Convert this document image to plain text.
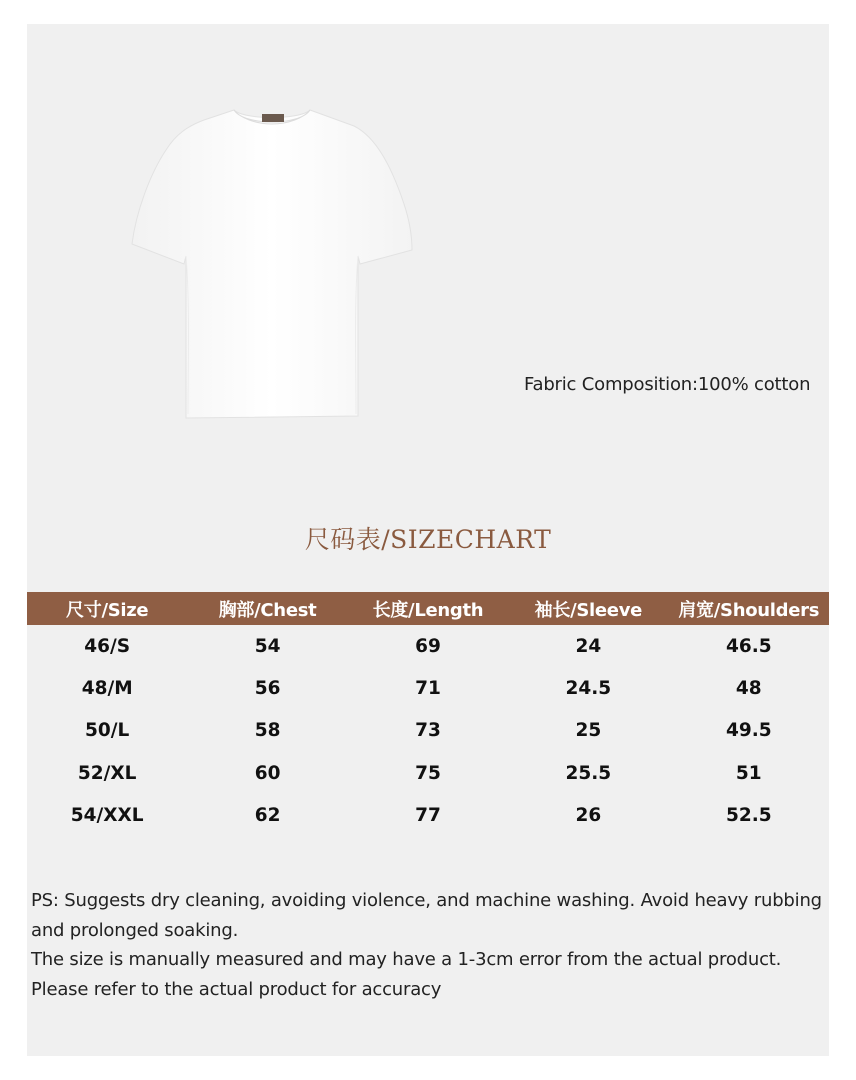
Fabric Composition:100% cotton
尺码表/SIZECHART
尺寸/Size	胸部/Chest	长度/Length	袖长/Sleeve	肩宽/Shoulders
46/S	54	69	24	46.5
48/M	56	71	24.5	48
50/L	58	73	25	49.5
52/XL	60	75	25.5	51
54/XXL	62	77	26	52.5

PS: Suggests dry cleaning, avoiding violence, and machine washing. Avoid heavy rubbing and prolonged soaking.

The size is manually measured and may have a 1-3cm error from the actual product.

Please refer to the actual product for accuracy
